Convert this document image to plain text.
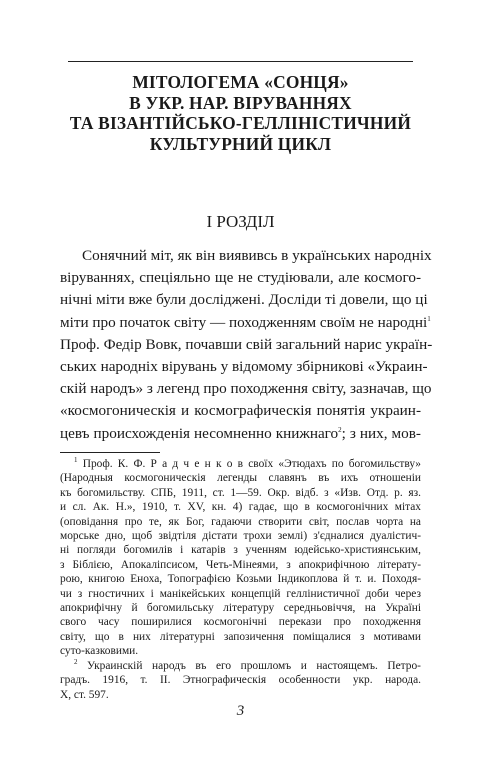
МІТОЛОГЕМА «СОНЦЯ»
В УКР. НАР. ВІРУВАННЯХ
ТА ВІЗАНТІЙСЬКО-ГЕЛЛІНІСТИЧНИЙ
КУЛЬТУРНИЙ ЦИКЛ
І РОЗДІЛ
Сонячний міт, як він виявивсь в українських народніх
віруваннях, спеціяльно ще не студіювали, але космого-
нічні міти вже були досліджені. Досліди ті довели, що ці
міти про початок світу — походженням своїм не народні$^1$
Проф. Федір Вовк, почавши свій загальний нарис україн-
ських народніх вірувань у відомому збірникові «Украин-
скій народъ» з легенд про походження світу, зазначав, що
«космогоническія и космографическія понятія украин-
цевъ происхожденія несомненно книжнаго$^2$; з них, мов-
$^1$ Проф. К. Ф. Р а д ч е н к о в своїх «Этюдахъ по богомильству»
(Народныя космогоническія легенды славянъ въ ихъ отношеніи
къ богомильству. СПБ, 1911, ст. 1—59. Окр. відб. з «Изв. Отд. р. яз.
и сл. Ак. Н.», 1910, т. XV, кн. 4) гадає, що в космогонічних мітах
(оповідання про те, як Бог, гадаючи створити світ, послав чорта на
морське дно, щоб звідтіля дістати трохи землі) з'єдналися дуалістич-
ні погляди богомилів і катарів з ученням юдейсько-християнським,
з Біблією, Апокаліпсисом, Четь-Мінеями, з апокрифічною літерату-
рою, книгою Еноха, Топографією Козьми Індикоплова й т. и. Походя-
чи з гностичних і манікейських концепцій геллінистичної доби через
апокрифічну й богомильську літературу середньовіччя, на Україні
свого часу поширилися космогонічні перекази про походження
світу, що в них літературні запозичення поміщалися з мотивами
суто-казковими.
$^2$ Украинскій народъ въ его прошломъ и настоящемъ. Петро-
градъ. 1916, т. II. Этнографическія особенности укр. народа.
X, ст. 597.
3
